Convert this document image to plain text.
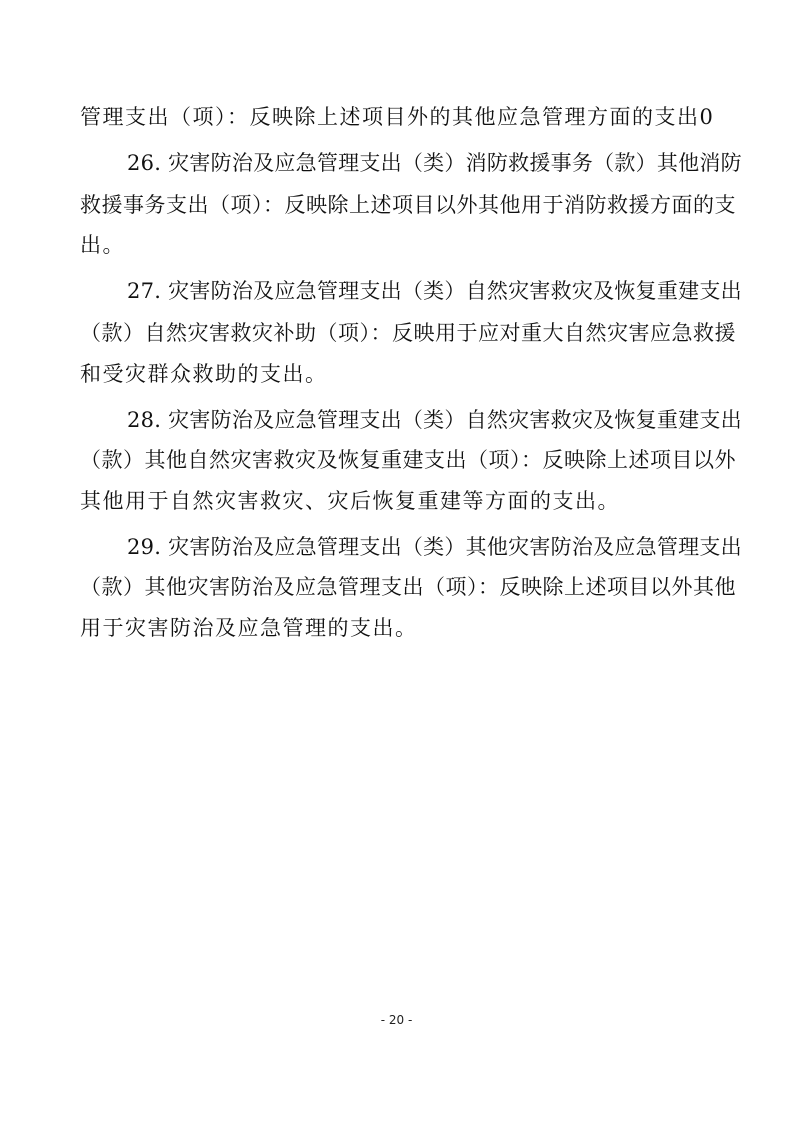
管理支出（项）：反映除上述项目外的其他应急管理方面的支出0
26. 灾害防治及应急管理支出（类）消防救援事务（款）其他消防
救援事务支出（项）：反映除上述项目以外其他用于消防救援方面的支
出。
27. 灾害防治及应急管理支出（类）自然灾害救灾及恢复重建支出
（款）自然灾害救灾补助（项）：反映用于应对重大自然灾害应急救援
和受灾群众救助的支出。
28. 灾害防治及应急管理支出（类）自然灾害救灾及恢复重建支出
（款）其他自然灾害救灾及恢复重建支出（项）：反映除上述项目以外
其他用于自然灾害救灾、灾后恢复重建等方面的支出。
29. 灾害防治及应急管理支出（类）其他灾害防治及应急管理支出
（款）其他灾害防治及应急管理支出（项）：反映除上述项目以外其他
用于灾害防治及应急管理的支出。
- 20 -
